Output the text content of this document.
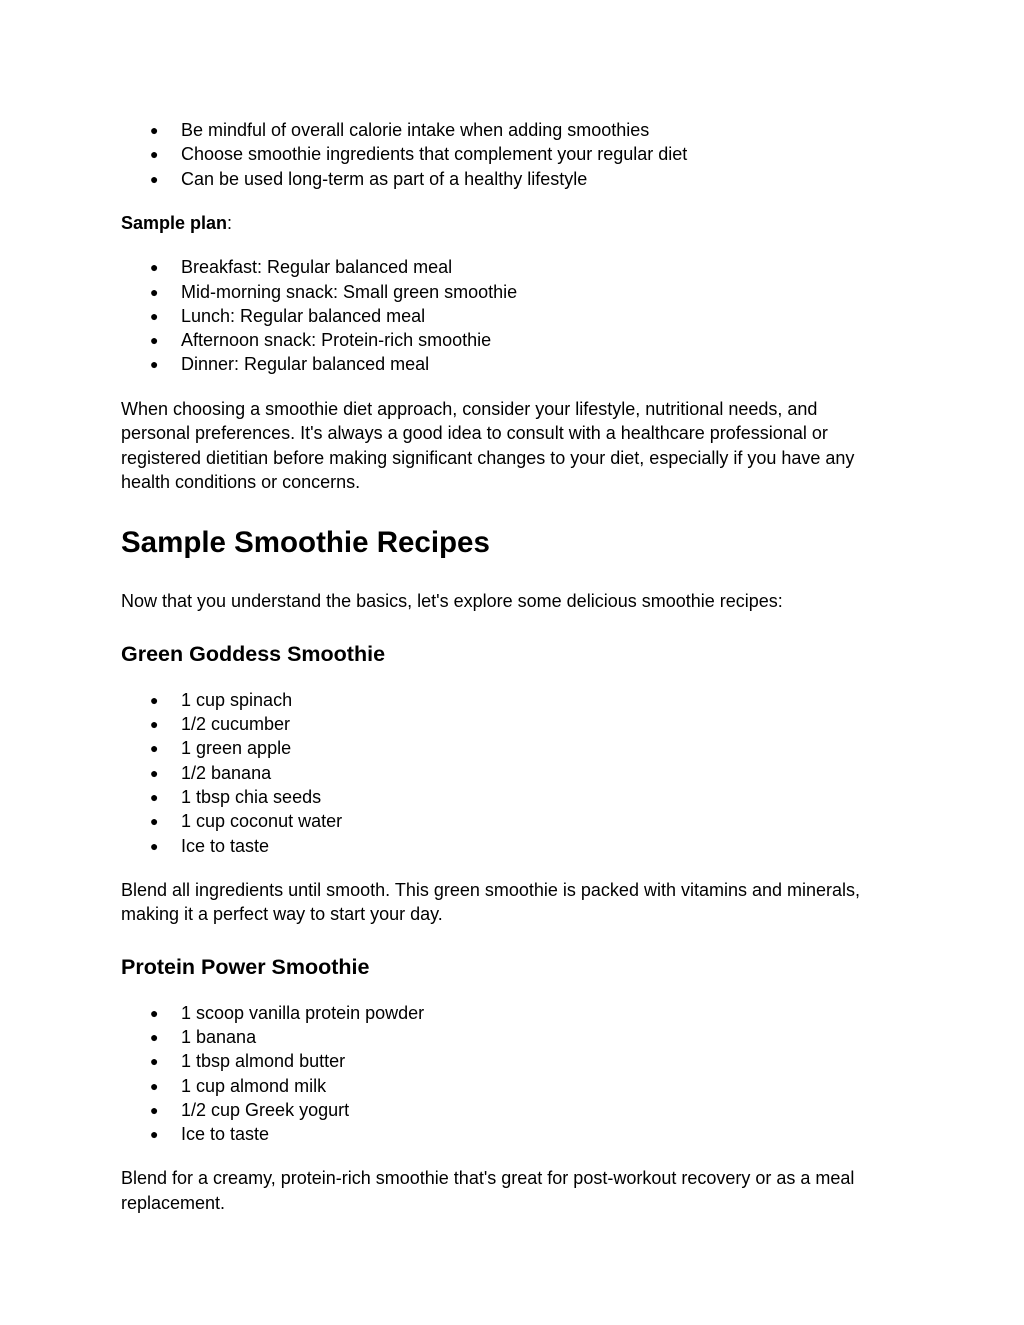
● Be mindful of overall calorie intake when adding smoothies
● Choose smoothie ingredients that complement your regular diet
● Can be used long-term as part of a healthy lifestyle

Sample plan:

● Breakfast: Regular balanced meal
● Mid-morning snack: Small green smoothie
● Lunch: Regular balanced meal
● Afternoon snack: Protein-rich smoothie
● Dinner: Regular balanced meal

When choosing a smoothie diet approach, consider your lifestyle, nutritional needs, and personal preferences. It's always a good idea to consult with a healthcare professional or registered dietitian before making significant changes to your diet, especially if you have any health conditions or concerns.

Sample Smoothie Recipes

Now that you understand the basics, let's explore some delicious smoothie recipes:

Green Goddess Smoothie
● 1 cup spinach
● 1/2 cucumber
● 1 green apple
● 1/2 banana
● 1 tbsp chia seeds
● 1 cup coconut water
● Ice to taste

Blend all ingredients until smooth. This green smoothie is packed with vitamins and minerals, making it a perfect way to start your day.

Protein Power Smoothie
● 1 scoop vanilla protein powder
● 1 banana
● 1 tbsp almond butter
● 1 cup almond milk
● 1/2 cup Greek yogurt
● Ice to taste

Blend for a creamy, protein-rich smoothie that's great for post-workout recovery or as a meal replacement.
